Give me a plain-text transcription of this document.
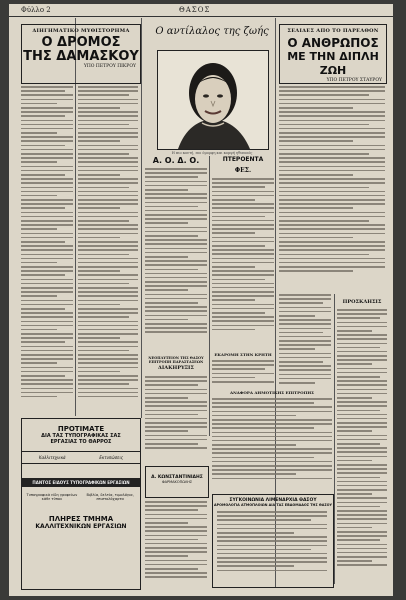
Φύλλο 2	ΘΑΣΟΣ
ΔΙΗΓΗΜΑΤΙΚΟ ΜΥΘΙΣΤΟΡΗΜΑ
Ο ΔΡΟΜΟΣ
ΤΗΣ ΔΑΜΑΣΚΟΥ
ΥΠΟ ΠΕΤΡΟΥ ΠΙΚΡΟΥ
Ο αντίλαλος της ζωής
Η πιο κοντή, πιο όμορφη και κομψή ηθοποιός
ΣΕΛΙΔΕΣ ΑΠΟ ΤΟ ΠΑΡΕΛΘΟΝ
Ο ΑΝΘΡΩΠΟΣ
ΜΕ ΤΗΝ ΔΙΠΛΗ ΖΩΗ
ΥΠΟ ΠΕΤΡΟΥ ΣΤΑΥΡΟΥ
Α. Ο. Δ. Ο.	ΠΤΕΡΟΕΝΤΑ
ΦΕΣ.
ΕΚΔΡΟΜΗ ΣΤΗΝ ΚΡΗΤΗ
ΝΕΟΠΛΥΤΕΙΟΝ ΤΗΣ ΘΑΣΟΥ
ΕΠΙΤΡΟΠΗ ΠΑΡΑΣΤΑΣΕΩΝ
ΔΙΑΚΗΡΥΞΙΣ
ΑΝΑΦΟΡΑ ΔΗΜΟΤΙΚΗΣ ΕΠΙΤΡΟΠΗΣ
ΠΡΟΣΚΛΗΣΙΣ
ΠΡΟΤΙΜΑΤΕ
ΔΙΑ ΤΑΣ ΤΥΠΟΓΡΑΦΙΚΑΣ ΣΑΣ
ΕΡΓΑΣΙΑΣ ΤΟ ΘΑΡΡΟΣ
Καλλιτεχνικά	Εκτυπώσεις
ΠΑΝΤΟΣ ΕΙΔΟΥΣ ΤΥΠΟΓΡΑΦΙΚΩΝ ΕΡΓΑΣΙΩΝ
Τυπογραφικά είδη γραφείων κάθε τύπου
Βιβλία, δελτία, τιμολόγια, επιστολόχαρτα
ΠΛΗΡΕΣ ΤΜΗΜΑ
ΚΑΛΛΙΤΕΧΝΙΚΩΝ ΕΡΓΑΣΙΩΝ
Α. ΚΩΝΣΤΑΝΤΙΝΙΔΗΣ
ΦΑΡΜΑΚΟΠΩΛΗΣ
ΣΥΓΚΟΙΝΩΝΙΑ ΛΙΜΕΝΑΡΧΙΑ ΘΑΣΟΥ
ΔΡΟΜΟΛΟΓΙΑ ΑΤΜΟΠΛΟΙΩΝ ΔΙΑ ΤΑΣ ΕΒΔΟΜΑΔΟΣ ΤΗΣ ΘΑΣΟΥ
